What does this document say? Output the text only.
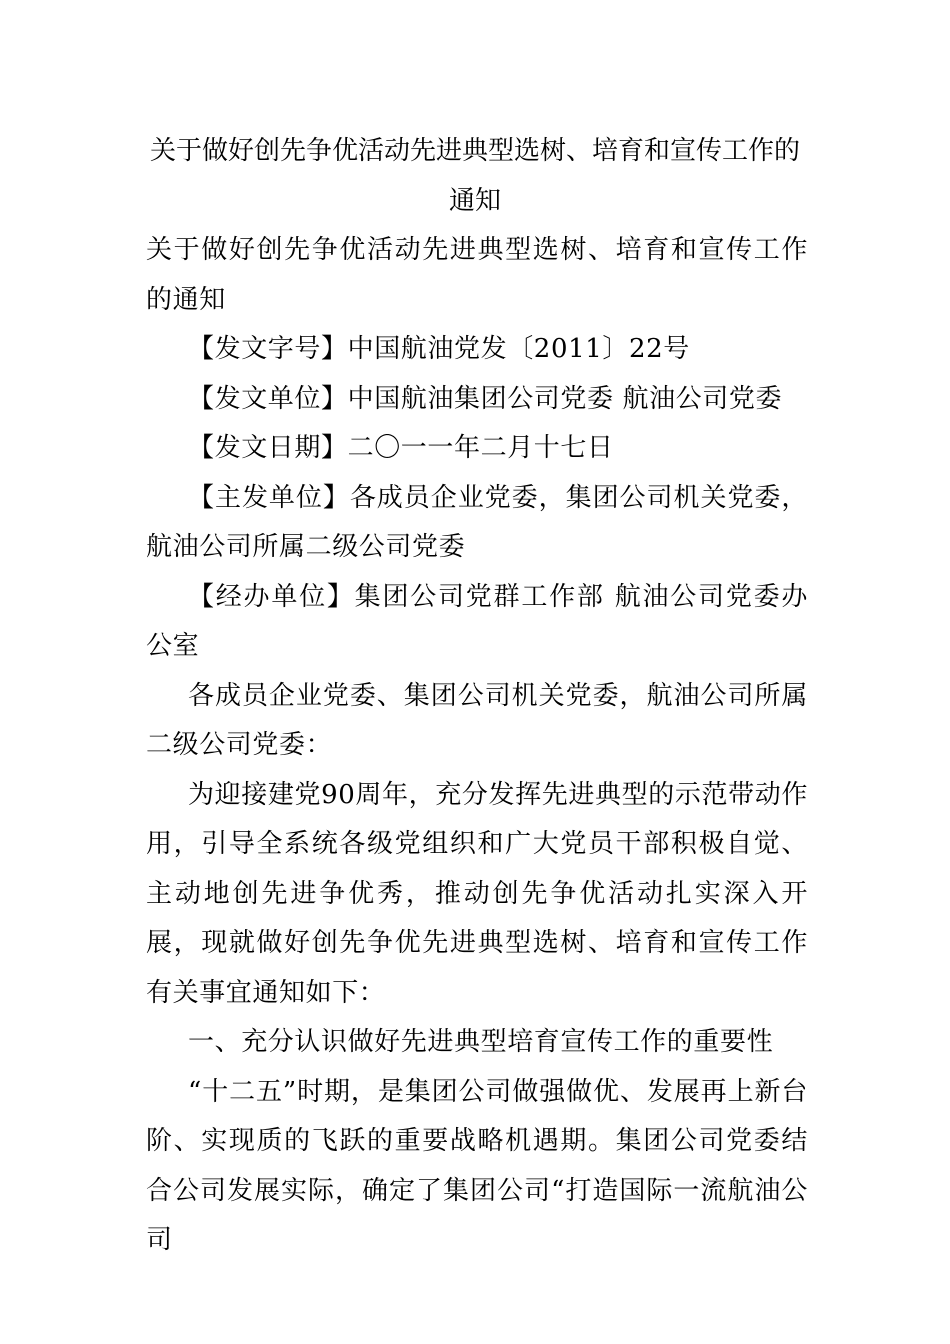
关于做好创先争优活动先进典型选树、培育和宣传工作的
通知

关于做好创先争优活动先进典型选树、培育和宣传工作的通知

【发文字号】中国航油党发〔2011〕22号

【发文单位】中国航油集团公司党委 航油公司党委

【发文日期】二〇一一年二月十七日

【主发单位】各成员企业党委，集团公司机关党委，航油公司所属二级公司党委

【经办单位】集团公司党群工作部 航油公司党委办公室

各成员企业党委、集团公司机关党委，航油公司所属二级公司党委：

为迎接建党90周年，充分发挥先进典型的示范带动作用，引导全系统各级党组织和广大党员干部积极自觉、主动地创先进争优秀，推动创先争优活动扎实深入开展，现就做好创先争优先进典型选树、培育和宣传工作有关事宜通知如下：

一、充分认识做好先进典型培育宣传工作的重要性

“十二五”时期，是集团公司做强做优、发展再上新台阶、实现质的飞跃的重要战略机遇期。集团公司党委结合公司发展实际，确定了集团公司“打造国际一流航油公司
